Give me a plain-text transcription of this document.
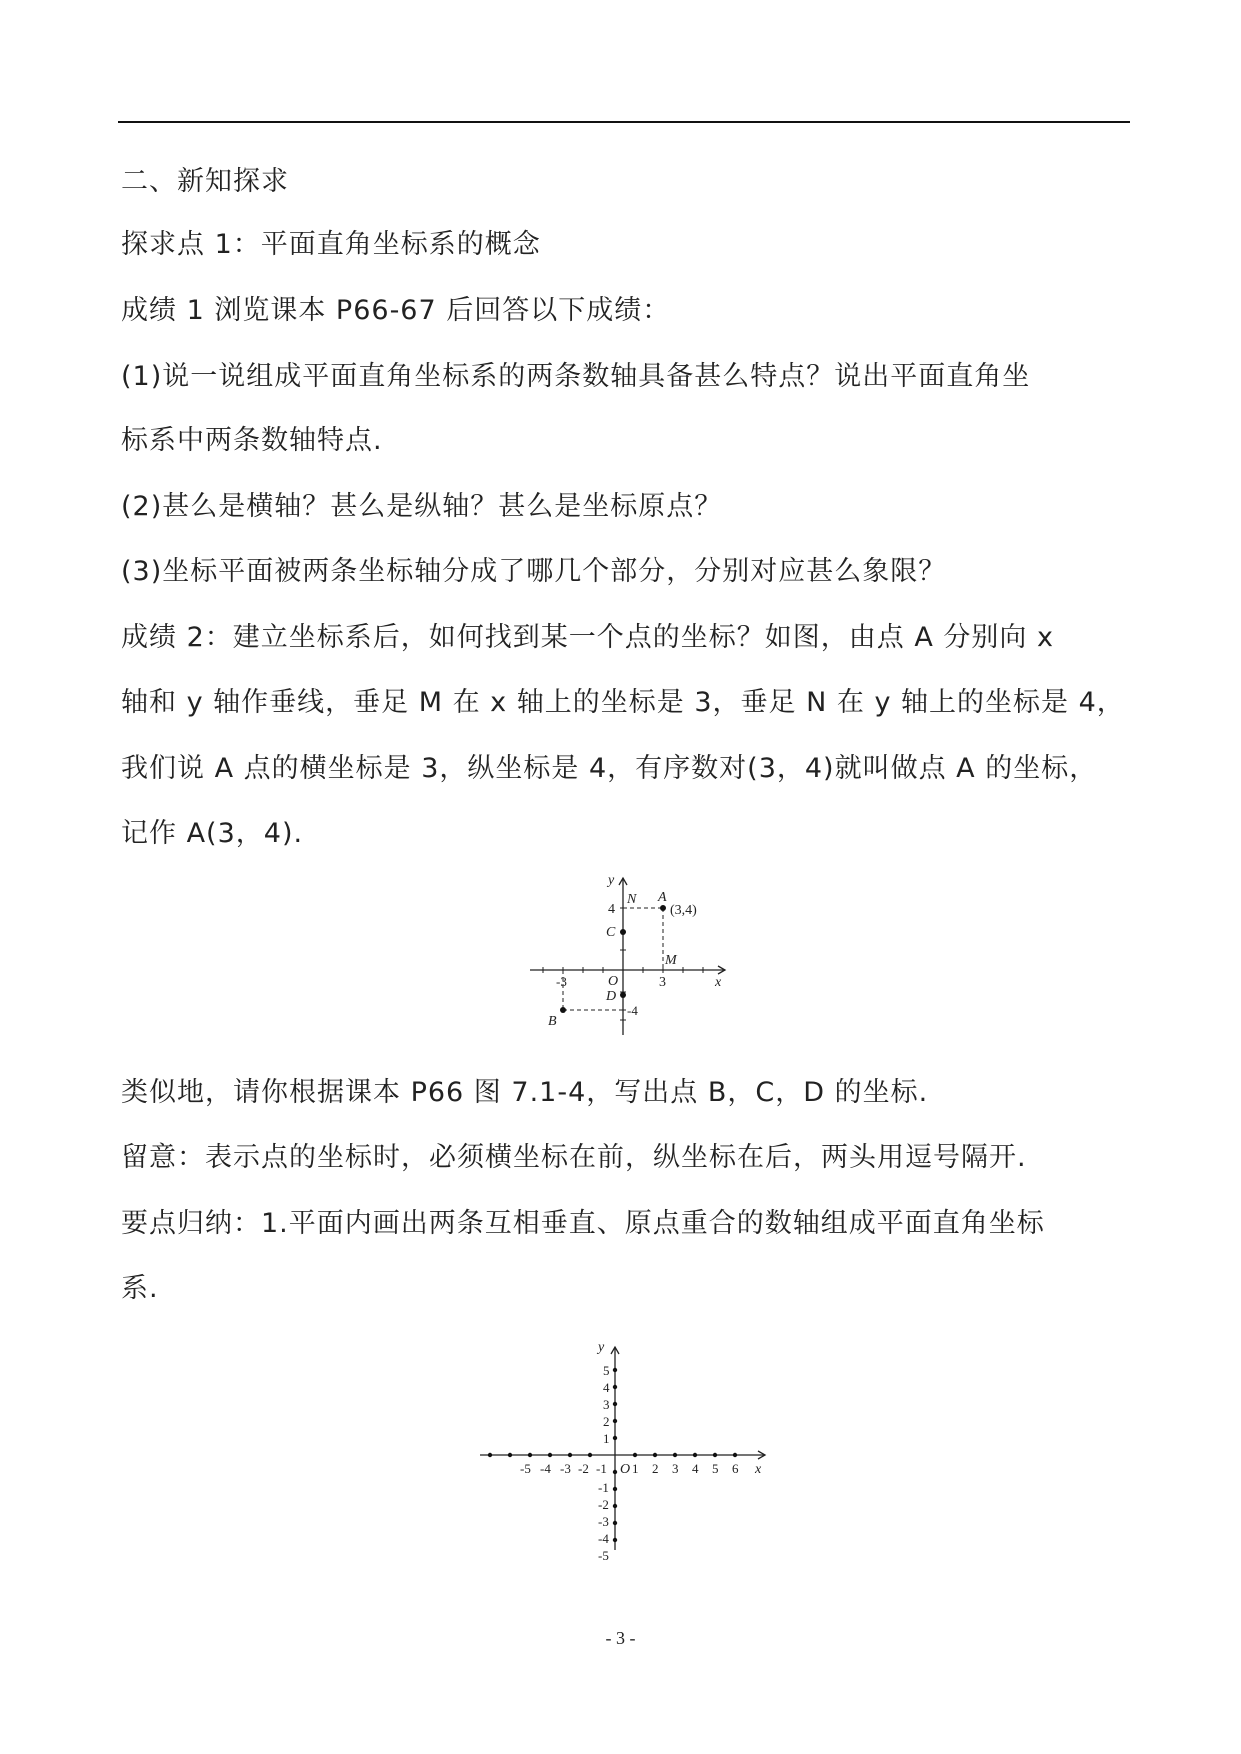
二、新知探求
探求点 1：平面直角坐标系的概念
成绩 1 浏览课本 P66-67 后回答以下成绩：
(1)说一说组成平面直角坐标系的两条数轴具备甚么特点？说出平面直角坐
标系中两条数轴特点.
(2)甚么是横轴？甚么是纵轴？甚么是坐标原点？
(3)坐标平面被两条坐标轴分成了哪几个部分，分别对应甚么象限？
成绩 2：建立坐标系后，如何找到某一个点的坐标？如图，由点 A 分别向 x
轴和 y 轴作垂线，垂足 M 在 x 轴上的坐标是 3，垂足 N 在 y 轴上的坐标是 4，
我们说 A 点的横坐标是 3，纵坐标是 4，有序数对(3，4)就叫做点 A 的坐标，
记作 A(3，4).
y
x
O
4
-4
-3	3
N A
(3,4)
C
M
D
B
类似地，请你根据课本 P66 图 7.1-4，写出点 B，C，D 的坐标.
留意：表示点的坐标时，必须横坐标在前，纵坐标在后，两头用逗号隔开.
要点归纳：1.平面内画出两条互相垂直、原点重合的数轴组成平面直角坐标
系.
y
x
O
-5 -4 -3 -2 -1 1 2 3 4 5 6
5
4
3
2
1
-1
-2
-3
-4
-5
- 3 -
